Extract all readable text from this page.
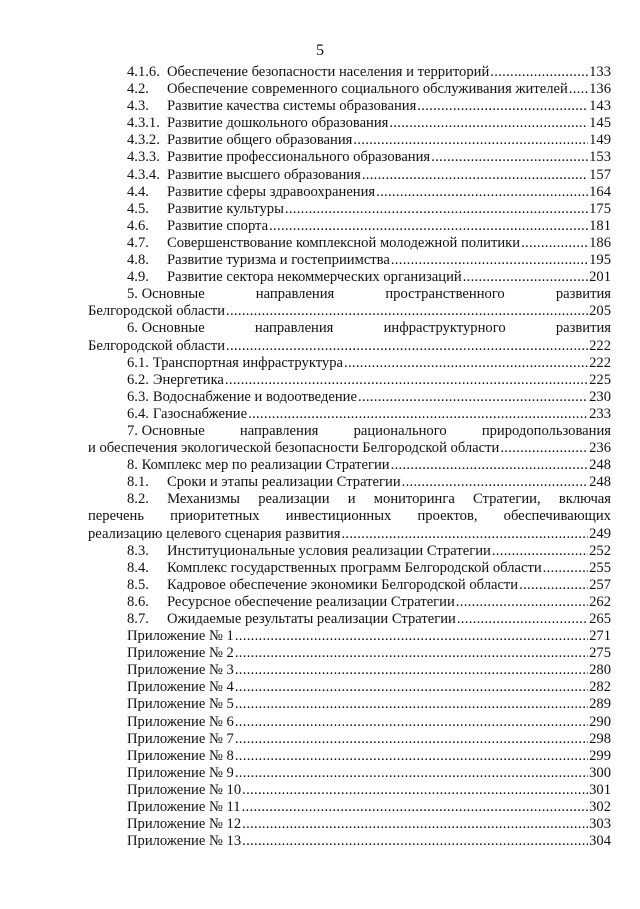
5
4.1.6. Обеспечение безопасности населения и территорий .....	133
4.2.	Обеспечение современного социального обслуживания жителей ..... 136
4.3.	Развитие качества системы образования .....	143
4.3.1. Развитие дошкольного образования .....	145
4.3.2. Развитие общего образования .....	149
4.3.3. Развитие профессионального образования .....	153
4.3.4. Развитие высшего образования .....	157
4.4.	Развитие сферы здравоохранения .....	164
4.5.	Развитие культуры .....	175
4.6.	Развитие спорта .....	181
4.7.	Совершенствование комплексной молодежной политики .....	186
4.8.	Развитие туризма и гостеприимства .....	195
4.9.	Развитие сектора некоммерческих организаций .....	201
5. Основные	направления	пространственного	развития
Белгородской области .....	205
6. Основные	направления	инфраструктурного	развития
Белгородской области .....	222
6.1. Транспортная инфраструктура .....	222
6.2. Энергетика .....	225
6.3. Водоснабжение и водоотведение .....	230
6.4. Газоснабжение .....	233
7. Основные направления рационального природопользования
и обеспечения экологической безопасности Белгородской области .....	236
8. Комплекс мер по реализации Стратегии .....	248
8.1.	Сроки и этапы реализации Стратегии .....	248
8.2. Механизмы реализации и мониторинга Стратегии, включая
перечень приоритетных инвестиционных проектов, обеспечивающих
реализацию целевого сценария развития .....	249
8.3.	Институциональные условия реализации Стратегии .....	252
8.4.	Комплекс государственных программ Белгородской области .....	255
8.5.	Кадровое обеспечение экономики Белгородской области .....	257
8.6.	Ресурсное обеспечение реализации Стратегии .....	262
8.7.	Ожидаемые результаты реализации Стратегии .....	265
Приложение № 1 .....	271
Приложение № 2 .....	275
Приложение № 3 .....	280
Приложение № 4 .....	282
Приложение № 5 .....	289
Приложение № 6 .....	290
Приложение № 7 .....	298
Приложение № 8 .....	299
Приложение № 9 .....	300
Приложение № 10 .....	301
Приложение № 11 .....	302
Приложение № 12 .....	303
Приложение № 13 .....	304
